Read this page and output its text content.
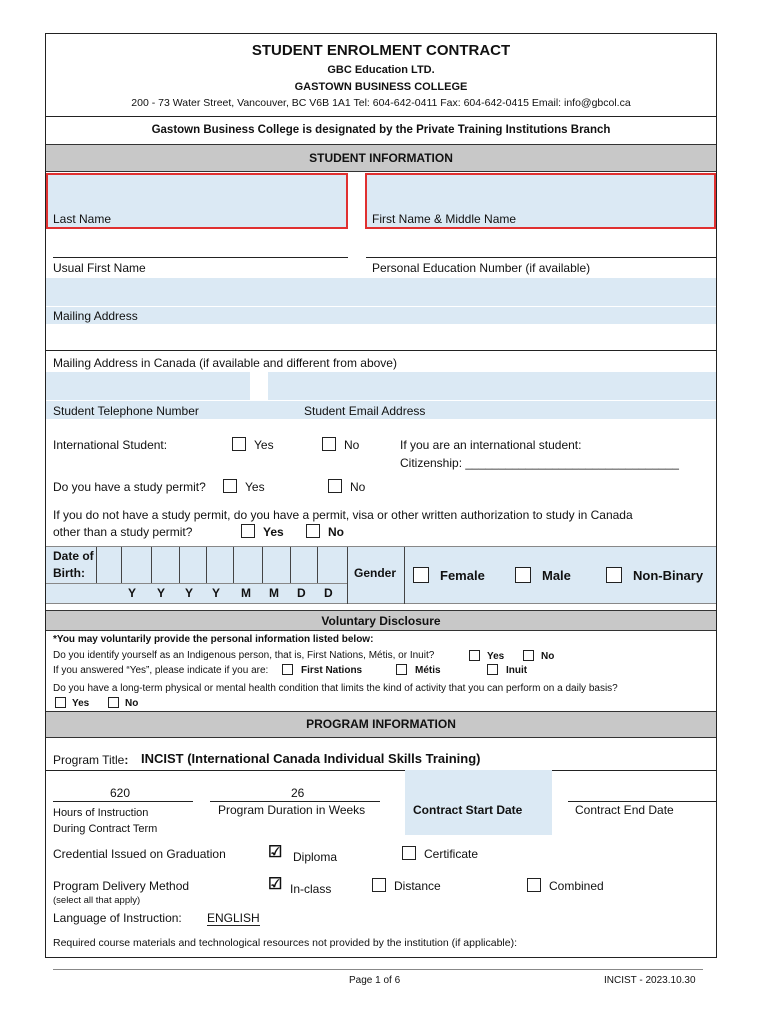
STUDENT ENROLMENT CONTRACT
GBC Education LTD.
GASTOWN BUSINESS COLLEGE
200 - 73 Water Street, Vancouver, BC V6B 1A1 Tel: 604-642-0411 Fax: 604-642-0415 Email: info@gbcol.ca
Gastown Business College is designated by the Private Training Institutions Branch
STUDENT INFORMATION
Last Name	First Name & Middle Name
Usual First Name	Personal Education Number (if available)
Mailing Address
Mailing Address in Canada (if available and different from above)
Student Telephone Number	Student Email Address
International Student:	Yes	No	If you are an international student:
Citizenship: ________________________________
Do you have a study permit?	Yes	No
If you do not have a study permit, do you have a permit, visa or other written authorization to study in Canada
other than a study permit?	Yes	No
Date of
Birth:
Y Y Y Y M M D D
Gender	Female	Male	Non-Binary
Voluntary Disclosure
*You may voluntarily provide the personal information listed below:
Do you identify yourself as an Indigenous person, that is, First Nations, Métis, or Inuit?	Yes	No
If you answered “Yes”, please indicate if you are:	First Nations	Métis	Inuit
Do you have a long-term physical or mental health condition that limits the kind of activity that you can perform on a daily basis?
Yes	No
PROGRAM INFORMATION
Program Title: INCIST (International Canada Individual Skills Training)
620
Hours of Instruction
During Contract Term
26
Program Duration in Weeks	Contract Start Date	Contract End Date
Credential Issued on Graduation	☑ Diploma	Certificate
Program Delivery Method
(select all that apply)
☑ In-class	Distance	Combined
Language of Instruction: ENGLISH
Required course materials and technological resources not provided by the institution (if applicable):
Page 1 of 6	INCIST - 2023.10.30
